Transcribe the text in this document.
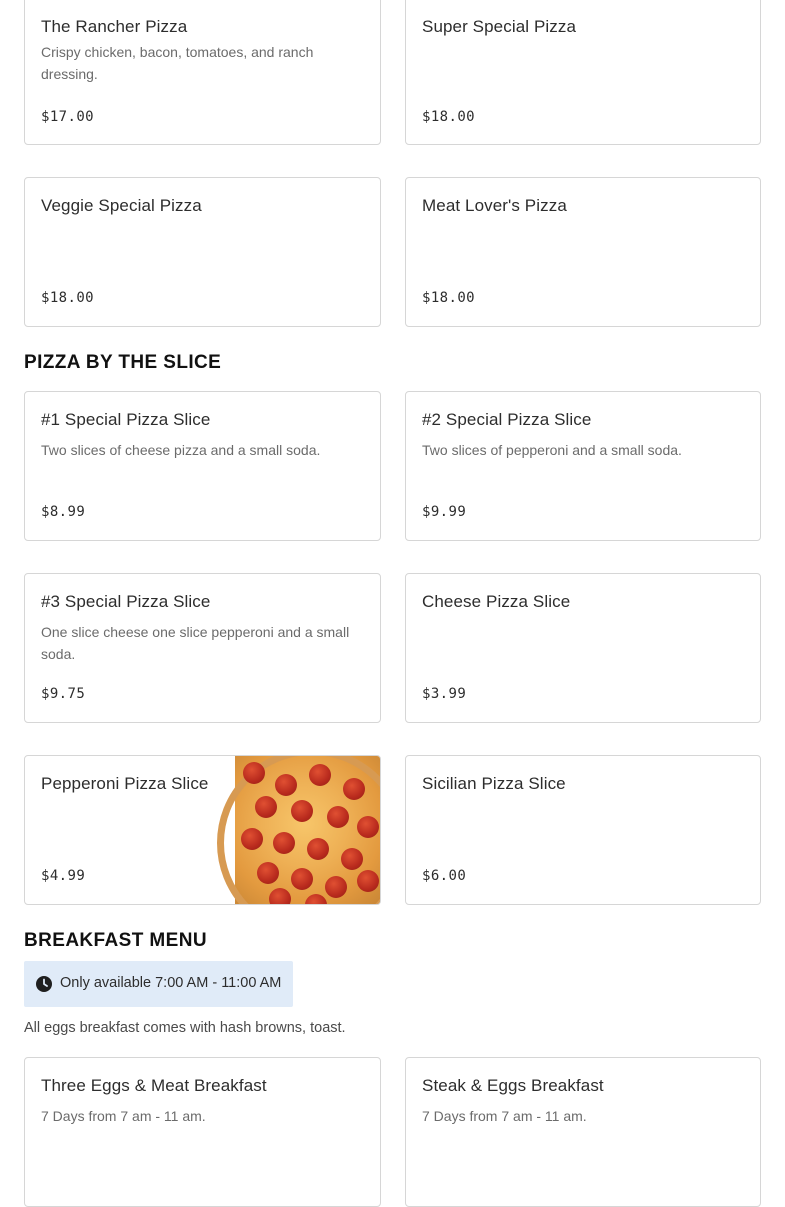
The Rancher Pizza
Crispy chicken, bacon, tomatoes, and ranch dressing.
$17.00
Super Special Pizza
$18.00
Veggie Special Pizza
$18.00
Meat Lover's Pizza
$18.00
PIZZA BY THE SLICE
#1 Special Pizza Slice
Two slices of cheese pizza and a small soda.
$8.99
#2 Special Pizza Slice
Two slices of pepperoni and a small soda.
$9.99
#3 Special Pizza Slice
One slice cheese one slice pepperoni and a small soda.
$9.75
Cheese Pizza Slice
$3.99
Pepperoni Pizza Slice
$4.99
Sicilian Pizza Slice
$6.00
BREAKFAST MENU
Only available 7:00 AM - 11:00 AM
All eggs breakfast comes with hash browns, toast.
Three Eggs & Meat Breakfast
7 Days from 7 am - 11 am.
Steak & Eggs Breakfast
7 Days from 7 am - 11 am.
